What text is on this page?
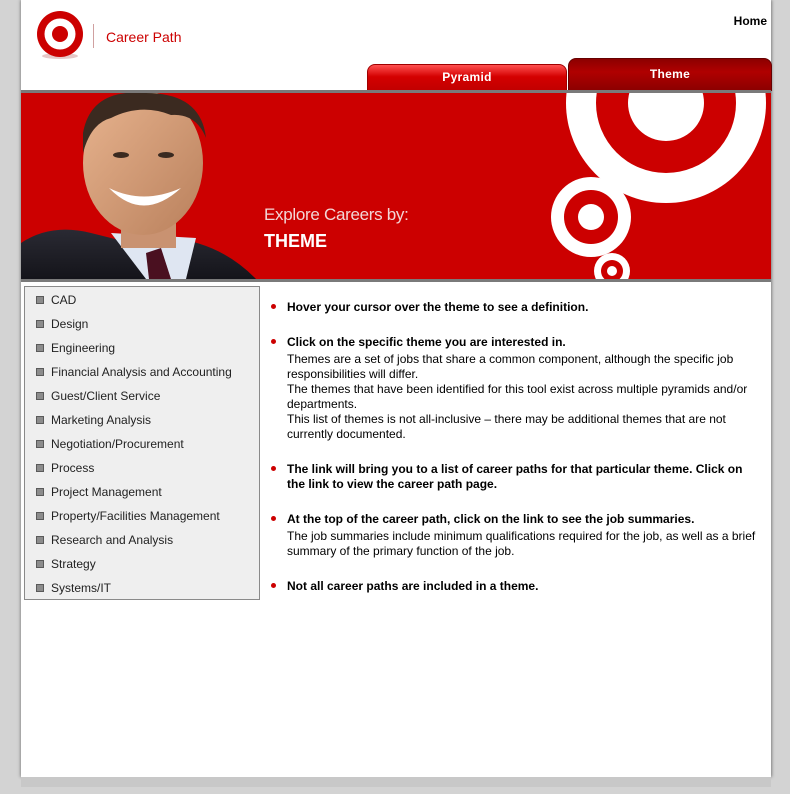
Career Path
Home
Pyramid	Theme
Explore Careers by:
THEME
CAD
Design
Engineering
Financial Analysis and Accounting
Guest/Client Service
Marketing Analysis
Negotiation/Procurement
Process
Project Management
Property/Facilities Management
Research and Analysis
Strategy
Systems/IT
Hover your cursor over the theme to see a definition.
Click on the specific theme you are interested in.

Themes are a set of jobs that share a common component, although the specific job responsibilities will differ.

The themes that have been identified for this tool exist across multiple pyramids and/or departments.

This list of themes is not all-inclusive – there may be additional themes that are not currently documented.

The link will bring you to a list of career paths for that particular theme. Click on the link to view the career path page.
At the top of the career path, click on the link to see the job summaries.

The job summaries include minimum qualifications required for the job, as well as a brief summary of the primary function of the job.

Not all career paths are included in a theme.
